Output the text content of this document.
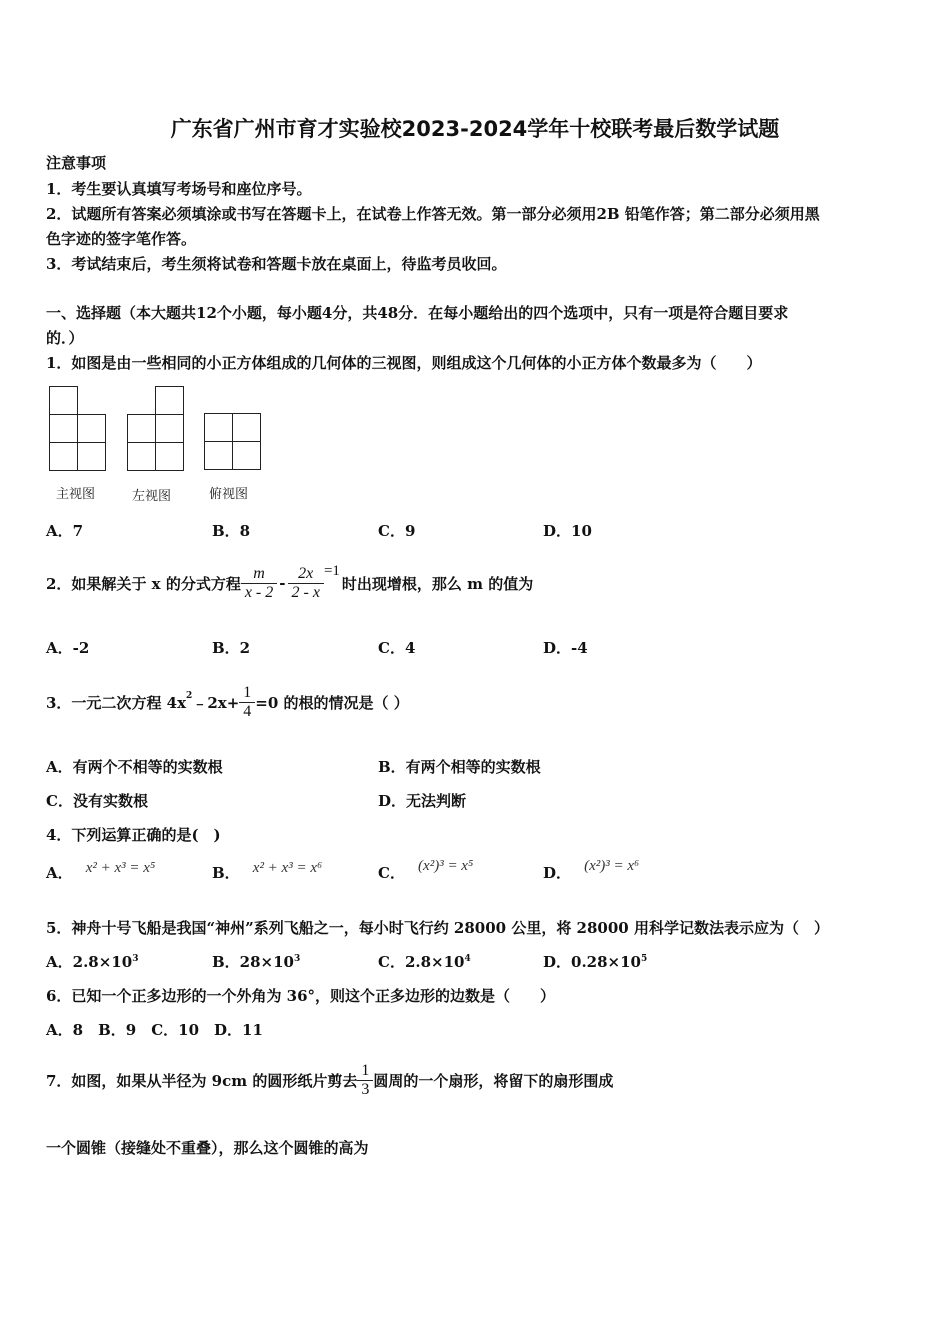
广东省广州市育才实验校2023-2024学年十校联考最后数学试题
注意事项
1．考生要认真填写考场号和座位序号。
2．试题所有答案必须填涂或书写在答题卡上，在试卷上作答无效。第一部分必须用2B 铅笔作答；第二部分必须用黑
色字迹的签字笔作答。
3．考试结束后，考生须将试卷和答题卡放在桌面上，待监考员收回。
一、选择题（本大题共12个小题，每小题4分，共48分．在每小题给出的四个选项中，只有一项是符合题目要求
的．）
1．如图是由一些相同的小正方体组成的几何体的三视图，则组成这个几何体的小正方体个数最多为（　　）
主视图	左视图	俯视图
A．7	B．8	C．9	D．10
2．如果解关于 x 的分式方程 $\frac{m}{x - 2} - \frac{2x}{2 - x} =1$
时出现增根，那么 m 的值为
A．-2	B．2	C．4	D．-4
3．一元二次方程 $4x^2$ ﹣2x+ $\frac{1}{4} =0$ 的根的情况是（ ）
A．有两个不相等的实数根	B．有两个相等的实数根
C．没有实数根	D．无法判断
4．下列运算正确的是(　)
A． x² + x³ = x⁵	B． x² + x³ = x⁶	C． (x²)³ = x⁵	D． (x²)³ = x⁶
5．神舟十号飞船是我国“神州”系列飞船之一，每小时飞行约 28000 公里，将 28000 用科学记数法表示应为（　）
A．$2.8\times 10^3$	B．$28\times 10^3$	C．$2.8\times 10^4$	D．$0.28\times 10^5$
6．已知一个正多边形的一个外角为 36°，则这个正多边形的边数是（　　）
A．8　B．9　C．10　D．11
7．如图，如果从半径为 9cm 的圆形纸片剪去 $\frac{1}{3}$ 圆周的一个扇形，将留下的扇形围成
一个圆锥（接缝处不重叠），那么这个圆锥的高为
